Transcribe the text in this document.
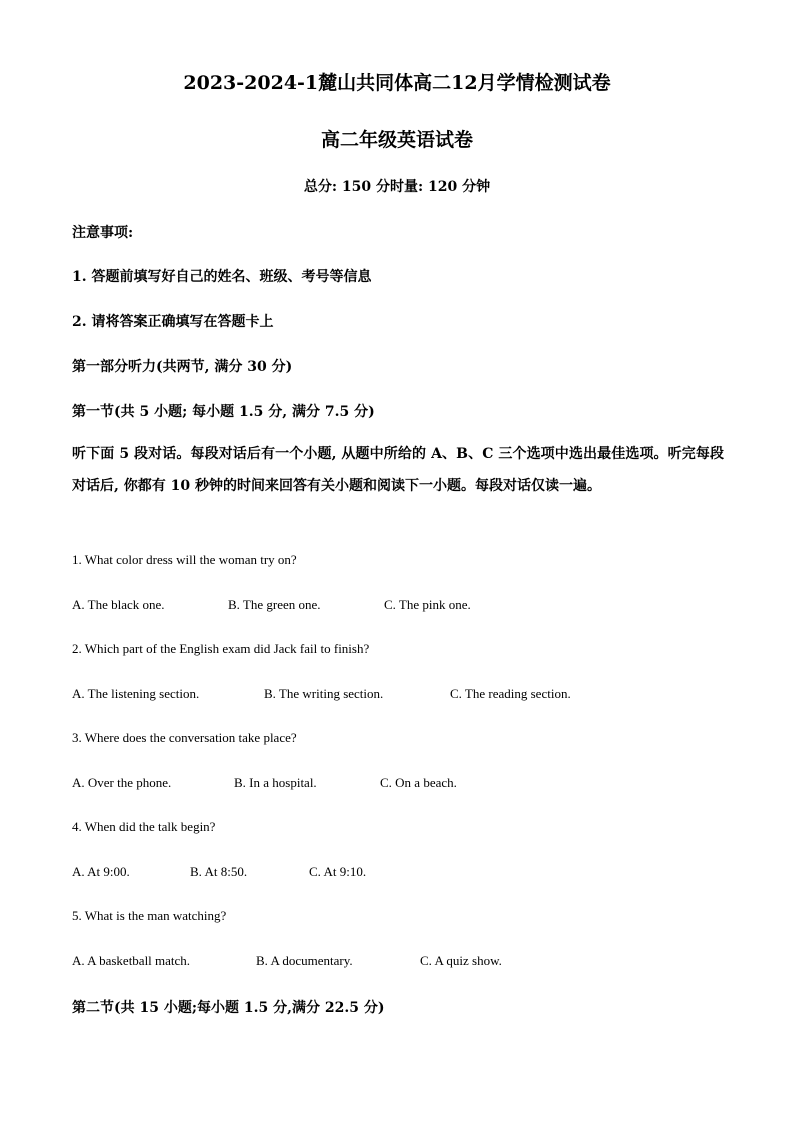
2023-2024-1麓山共同体高二12月学情检测试卷
高二年级英语试卷
总分: 150 分时量: 120 分钟
注意事项:
1. 答题前填写好自己的姓名、班级、考号等信息
2. 请将答案正确填写在答题卡上
第一部分听力(共两节, 满分 30 分)
第一节(共 5 小题; 每小题 1.5 分, 满分 7.5 分)
听下面 5 段对话。每段对话后有一个小题, 从题中所给的 A、B、C 三个选项中选出最佳选项。听完每段对话后, 你都有 10 秒钟的时间来回答有关小题和阅读下一小题。每段对话仅读一遍。
1. What color dress will the woman try on?
A. The black one.	B. The green one.	C. The pink one.
2. Which part of the English exam did Jack fail to finish?
A. The listening section.	B. The writing section.	C. The reading section.
3. Where does the conversation take place?
A. Over the phone.	B. In a hospital.	C. On a beach.
4. When did the talk begin?
A. At 9:00.	B. At 8:50.	C. At 9:10.
5. What is the man watching?
A. A basketball match.	B. A documentary.	C. A quiz show.
第二节(共 15 小题;每小题 1.5 分,满分 22.5 分)
